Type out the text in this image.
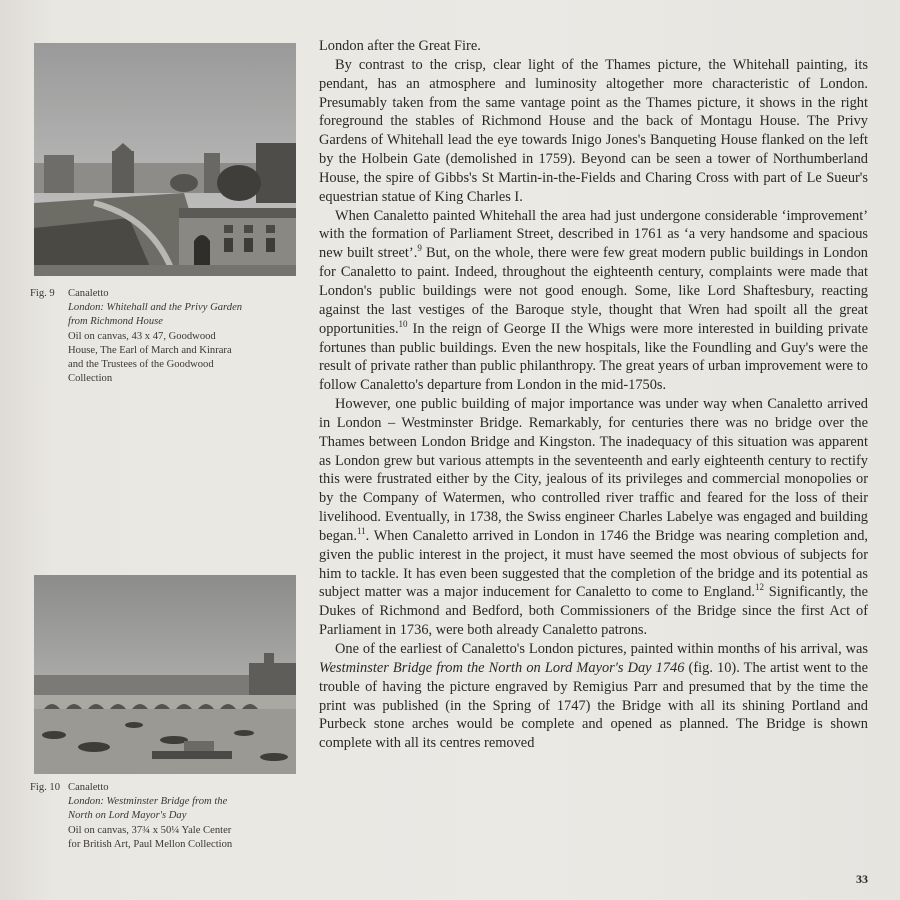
Fig. 9	Canaletto
London: Whitehall and the Privy Garden
from Richmond House
Oil on canvas, 43 x 47, Goodwood
House, The Earl of March and Kinrara
and the Trustees of the Goodwood
Collection
Fig. 10 Canaletto
London: Westminster Bridge from the
North on Lord Mayor's Day
Oil on canvas, 37¾ x 50¼ Yale Center
for British Art, Paul Mellon Collection

London after the Great Fire.

By contrast to the crisp, clear light of the Thames picture, the Whitehall painting, its pendant, has an atmosphere and luminosity altogether more characteristic of London. Presumably taken from the same vantage point as the Thames picture, it shows in the right foreground the stables of Richmond House and the back of Montagu House. The Privy Gardens of Whitehall lead the eye towards Inigo Jones's Banqueting House flanked on the left by the Holbein Gate (demolished in 1759). Beyond can be seen a tower of Northumberland House, the spire of Gibbs's St Martin-in-the-Fields and Charing Cross with part of Le Sueur's equestrian statue of King Charles I.

When Canaletto painted Whitehall the area had just undergone considerable ‘improvement’ with the formation of Parliament Street, described in 1761 as ‘a very handsome and spacious new built street’.$^9$ But, on the whole, there were few great modern public buildings in London for Canaletto to paint. Indeed, throughout the eighteenth century, complaints were made that London's public buildings were not good enough. Some, like Lord Shaftesbury, reacting against the last vestiges of the Baroque style, thought that Wren had spoilt all the great opportunities.$^{10}$ In the reign of George II the Whigs were more interested in building private fortunes than public buildings. Even the new hospitals, like the Foundling and Guy's were the result of private rather than public philanthropy. The great years of urban improvement were to follow Canaletto's departure from London in the mid-1750s.

However, one public building of major importance was under way when Canaletto arrived in London – Westminster Bridge. Remarkably, for centuries there was no bridge over the Thames between London Bridge and Kingston. The inadequacy of this situation was apparent as London grew but various attempts in the seventeenth and early eighteenth century to rectify this were frustrated either by the City, jealous of its privileges and commercial monopolies or by the Company of Watermen, who controlled river traffic and feared for the loss of their livelihood. Eventually, in 1738, the Swiss engineer Charles Labelye was engaged and building began.$^{11}$. When Canaletto arrived in London in 1746 the Bridge was nearing completion and, given the public interest in the project, it must have seemed the most obvious of subjects for him to tackle. It has even been suggested that the completion of the bridge and its potential as subject matter was a major inducement for Canaletto to come to England.$^{12}$ Significantly, the Dukes of Richmond and Bedford, both Commissioners of the Bridge since the first Act of Parliament in 1736, were both already Canaletto patrons.

One of the earliest of Canaletto's London pictures, painted within months of his arrival, was Westminster Bridge from the North on Lord Mayor's Day 1746 (fig. 10). The artist went to the trouble of having the picture engraved by Remigius Parr and presumed that by the time the print was published (in the Spring of 1747) the Bridge with all its shining Portland and Purbeck stone arches would be complete and opened as planned. The Bridge is shown complete with all its centres removed

33
